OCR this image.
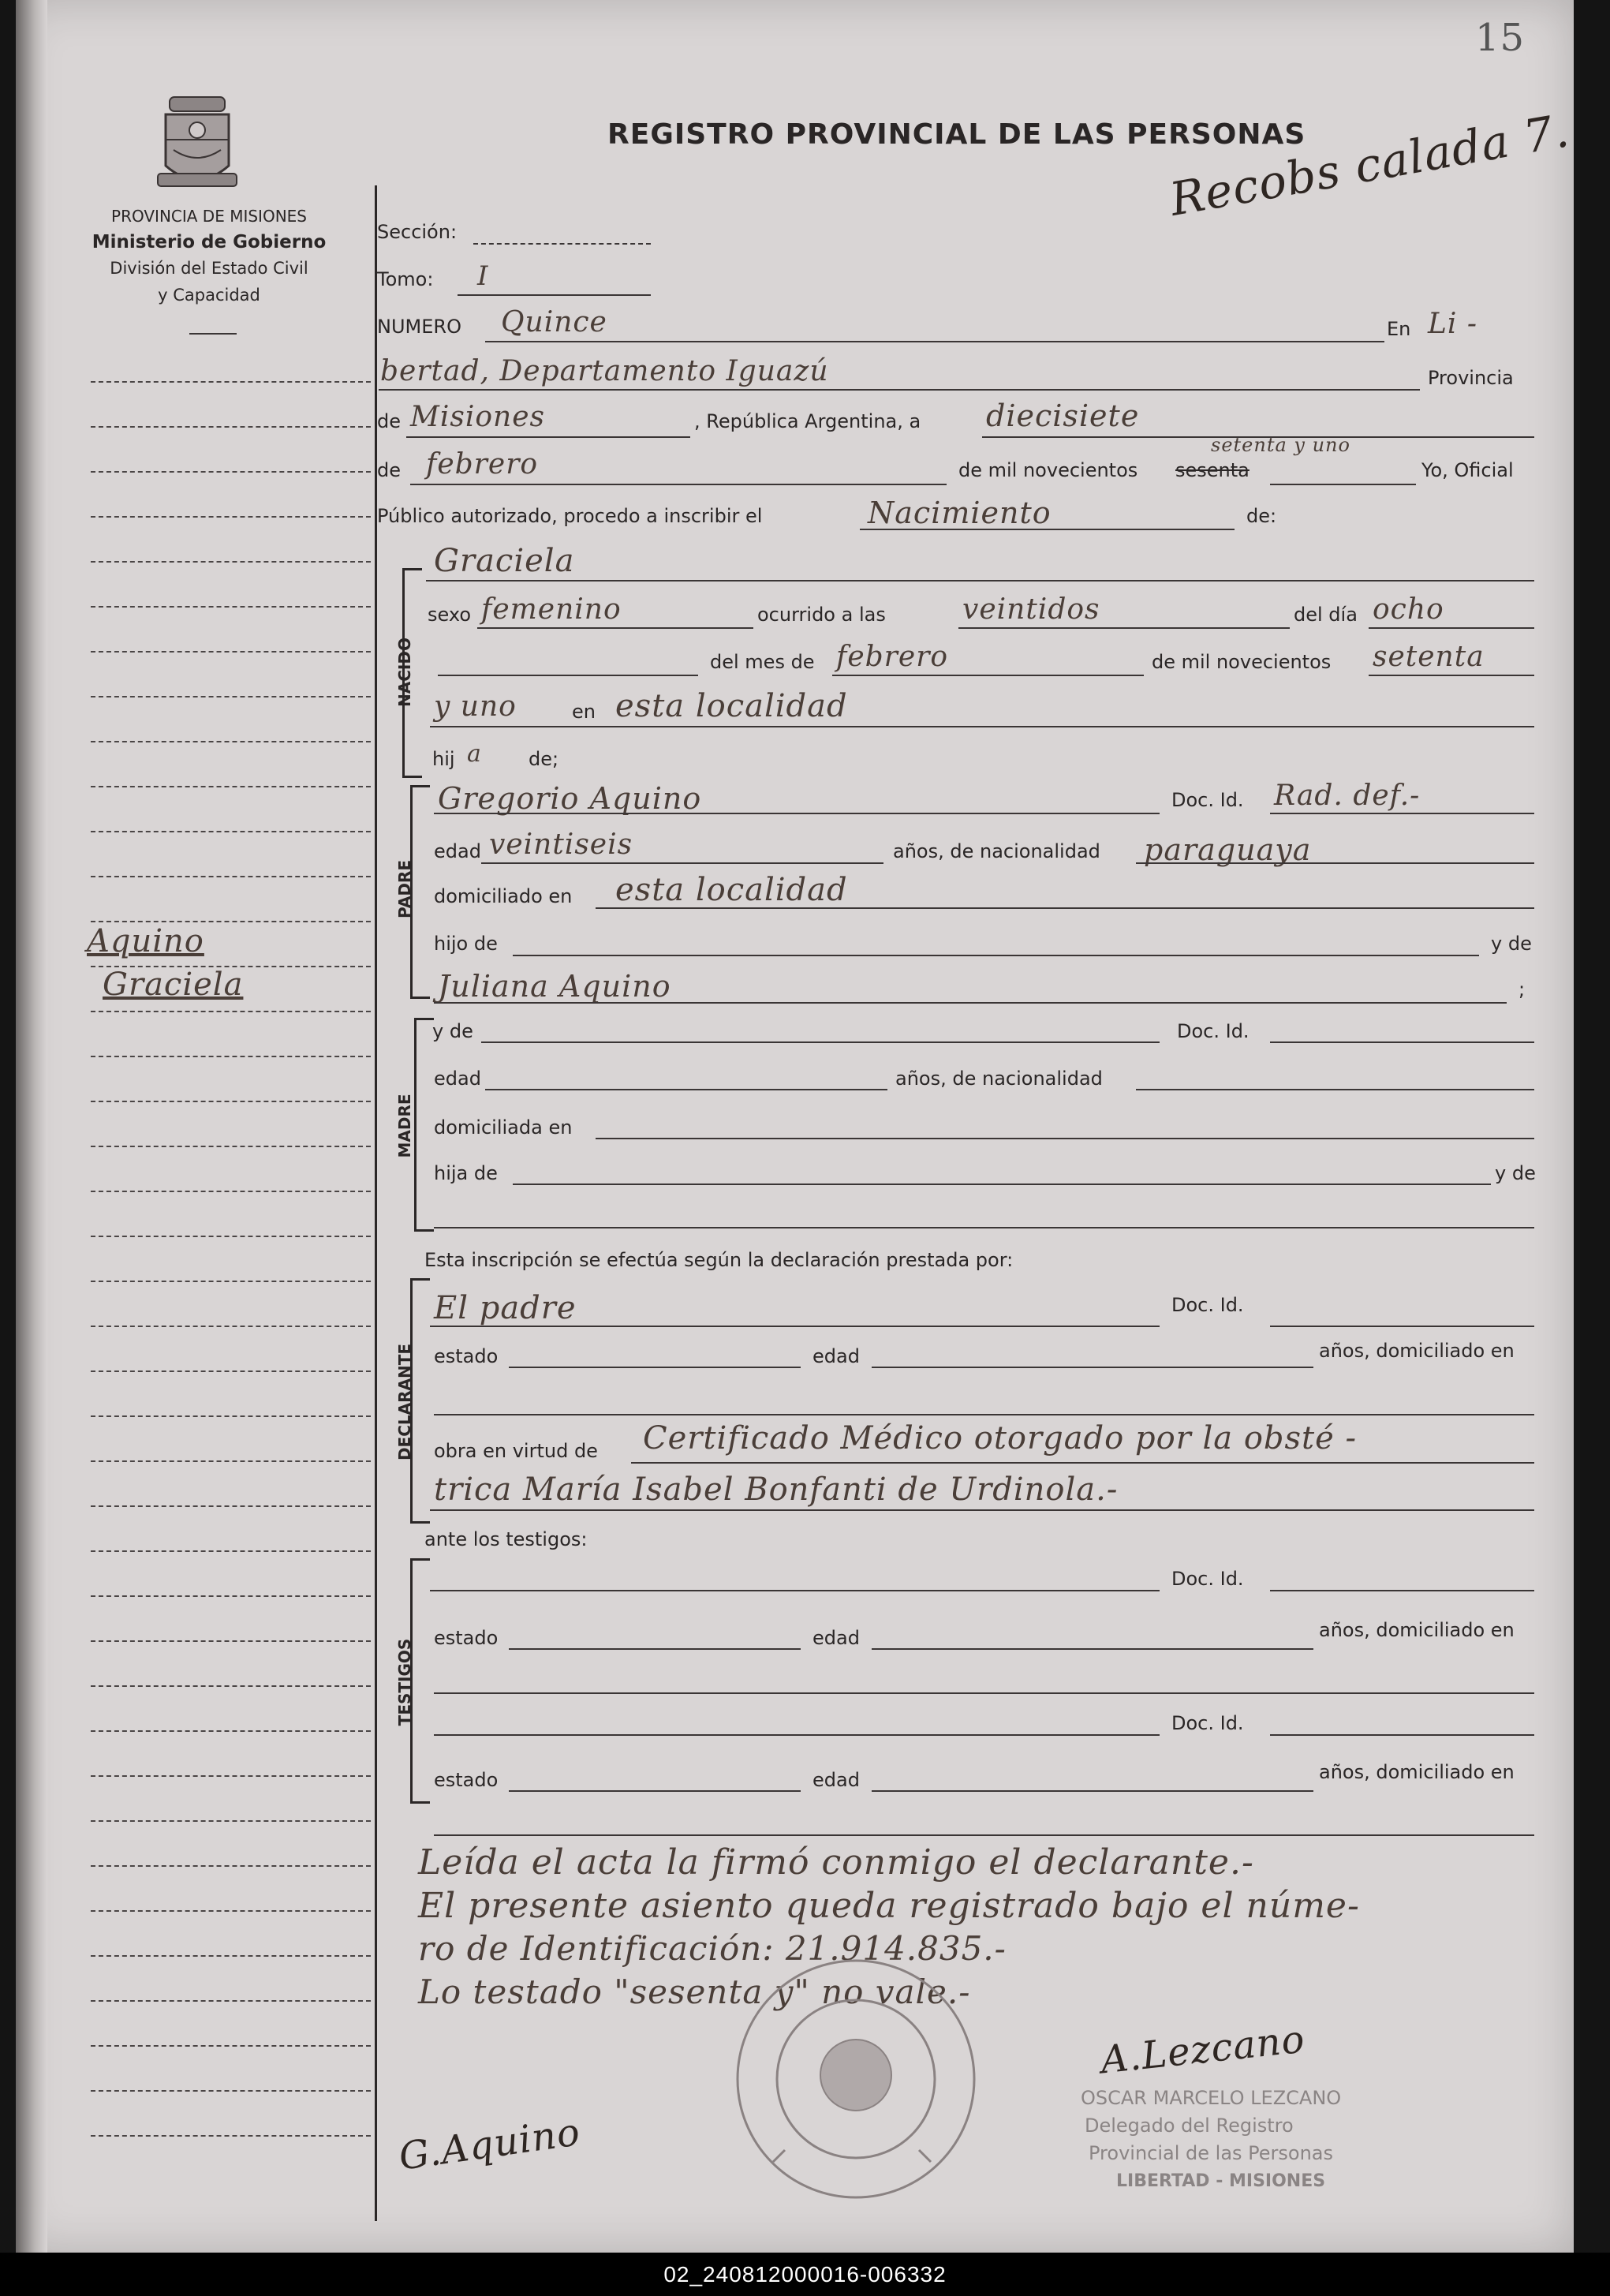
15
PROVINCIA DE MISIONES
Ministerio de Gobierno
División del Estado Civil
y Capacidad
Aquino
Graciela
REGISTRO PROVINCIAL DE LAS PERSONAS
Recobs calada 7.
Sección:
Tomo: I
NUMERO Quince	En Li -
bertad, Departamento Iguazú	Provincia
de Misiones	, República Argentina, a diecisiete
de febrero	de mil novecientos sesenta
setenta y uno
Yo, Oficial
Público autorizado, procedo a inscribir el	Nacimiento	de:
NACIDO
Graciela
sexo femenino	ocurrido a las	veintidos	del día ocho
del mes de febrero	de mil novecientos setenta
y uno	en esta localidad
hij a de;
PADRE
Gregorio Aquino	Doc. Id. Rad. def.-
edad veintiseis	años, de nacionalidad paraguaya
domiciliado en esta localidad
hijo de	y de
Juliana Aquino	;
MADRE
y de	Doc. Id.
edad	años, de nacionalidad
domiciliada en
hija de	y de
Esta inscripción se efectúa según la declaración prestada por:
DECLARANTE
El padre	Doc. Id.
estado	edad	años, domiciliado en
obra en virtud de Certificado Médico otorgado por la obsté -
trica María Isabel Bonfanti de Urdinola.-
ante los testigos:
TESTIGOS
Doc. Id.
estado	edad	años, domiciliado en
Doc. Id.
estado	edad	años, domiciliado en
Leída el acta la firmó conmigo el declarante.-
El presente asiento queda registrado bajo el núme-
ro de Identificación: 21.914.835.-
Lo testado "sesenta y" no vale.-
G.Aquino
A.Lezcano
OSCAR MARCELO LEZCANO
Delegado del Registro
Provincial de las Personas
LIBERTAD - MISIONES
02_240812000016-006332
